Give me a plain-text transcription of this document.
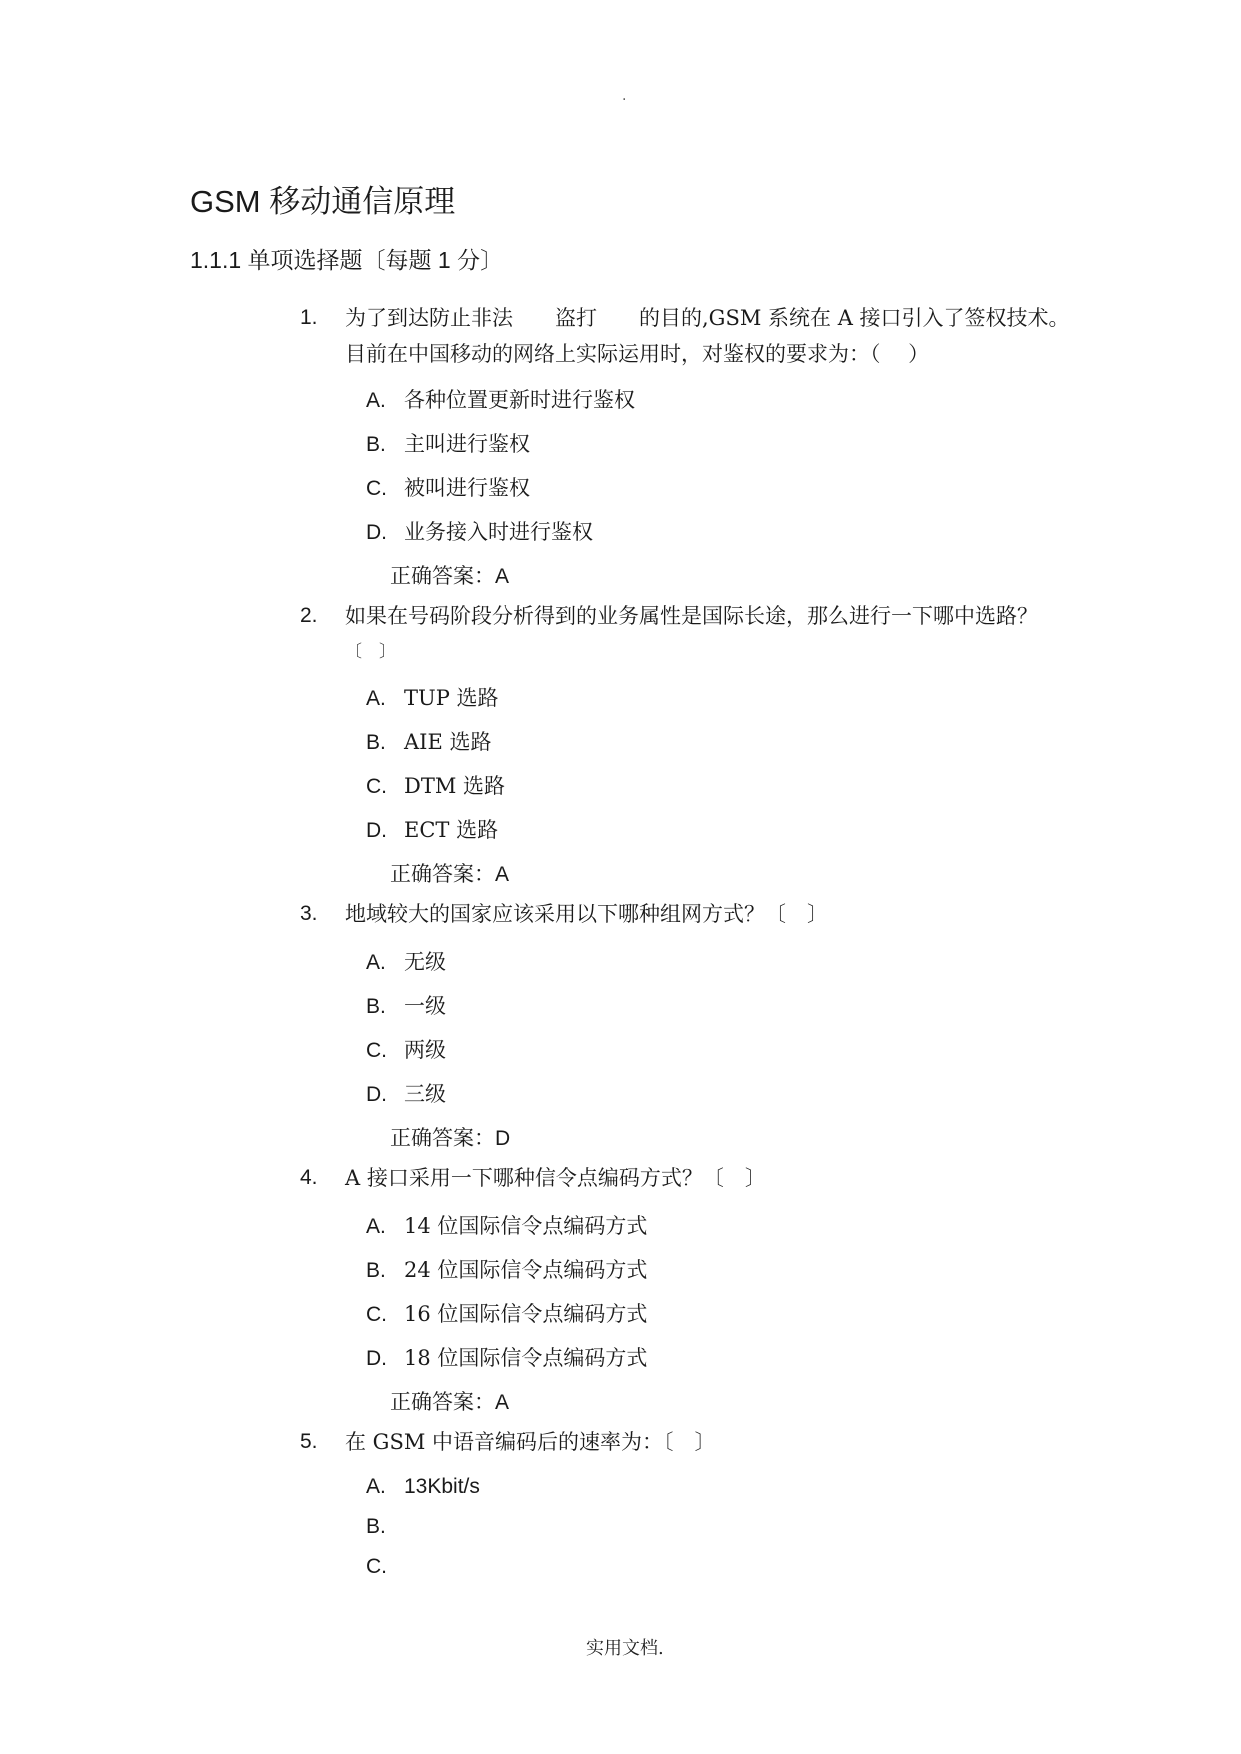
.
GSM 移动通信原理
1.1.1 单项选择题〔每题 1 分〕
1. 为了到达防止非法　　盗打　　的目的,GSM 系统在 A 接口引入了签权技术。
目前在中国移动的网络上实际运用时，对鉴权的要求为：（　 ）
A. 各种位置更新时进行鉴权
B. 主叫进行鉴权
C. 被叫进行鉴权
D. 业务接入时进行鉴权
正确答案：A
2. 如果在号码阶段分析得到的业务属性是国际长途，那么进行一下哪中选路？
〔　〕
A. TUP 选路
B. AIE 选路
C. DTM 选路
D. ECT 选路
正确答案：A
3. 地域较大的国家应该采用以下哪种组网方式？〔　〕
A. 无级
B. 一级
C. 两级
D. 三级
正确答案：D
4. A 接口采用一下哪种信令点编码方式？〔　〕
A. 14 位国际信令点编码方式
B. 24 位国际信令点编码方式
C. 16 位国际信令点编码方式
D. 18 位国际信令点编码方式
正确答案：A
5. 在 GSM 中语音编码后的速率为：〔　〕
A. 13Kbit/s
B.
C.
实用文档.
